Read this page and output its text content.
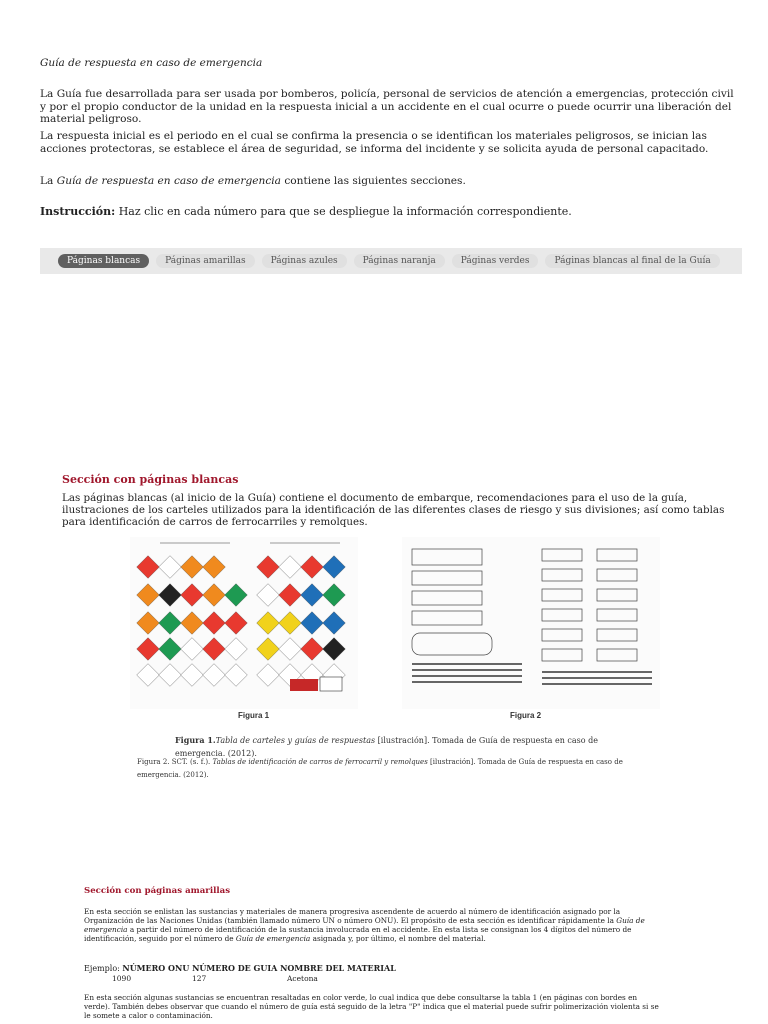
Guía de respuesta en caso de emergencia

La Guía fue desarrollada para ser usada por bomberos, policía, personal de servicios de atención a emergencias, protección civil y por el propio conductor de la unidad en la respuesta inicial a un accidente en el cual ocurre o puede ocurrir una liberación del material peligroso.

La respuesta inicial es el periodo en el cual se confirma la presencia o se identifican los materiales peligrosos, se inician las acciones protectoras, se establece el área de seguridad, se informa del incidente y se solicita ayuda de personal capacitado.

La Guía de respuesta en caso de emergencia contiene las siguientes secciones.

Instrucción: Haz clic en cada número para que se despliegue la información correspondiente.

Páginas blancas	Páginas amarillas	Páginas azules	Páginas naranja	Páginas verdes	Páginas blancas al final de la Guía
Sección con páginas blancas

Las páginas blancas (al inicio de la Guía) contiene el documento de embarque, recomendaciones para el uso de la guía, ilustraciones de los carteles utilizados para la identificación de las diferentes clases de riesgo y sus divisiones; así como tablas para identificación de carros de ferrocarriles y remolques.

Figura 1	Figura 2

Figura 1.Tabla de carteles y guías de respuestas [ilustración]. Tomada de Guía de respuesta en caso de emergencia. (2012).

Figura 2. SCT. (s. f.). Tablas de identificación de carros de ferrocarril y remolques [ilustración]. Tomada de Guía de respuesta en caso de emergencia. (2012).

Sección con páginas amarillas

En esta sección se enlistan las sustancias y materiales de manera progresiva ascendente de acuerdo al número de identificación asignado por la Organización de las Naciones Unidas (también llamado número UN o número ONU). El propósito de esta sección es identificar rápidamente la Guía de emergencia a partir del número de identificación de la sustancia involucrada en el accidente. En esta lista se consignan los 4 dígitos del número de identificación, seguido por el número de Guía de emergencia asignada y, por último, el nombre del material.

Ejemplo: NÚMERO ONU NÚMERO DE GUIA NOMBRE DEL MATERIAL

1090	127	Acetona

En esta sección algunas sustancias se encuentran resaltadas en color verde, lo cual indica que debe consultarse la tabla 1 (en páginas con bordes en verde). También debes observar que cuando el número de guía está seguido de la letra "P" indica que el material puede sufrir polimerización violenta si se le somete a calor o contaminación.
